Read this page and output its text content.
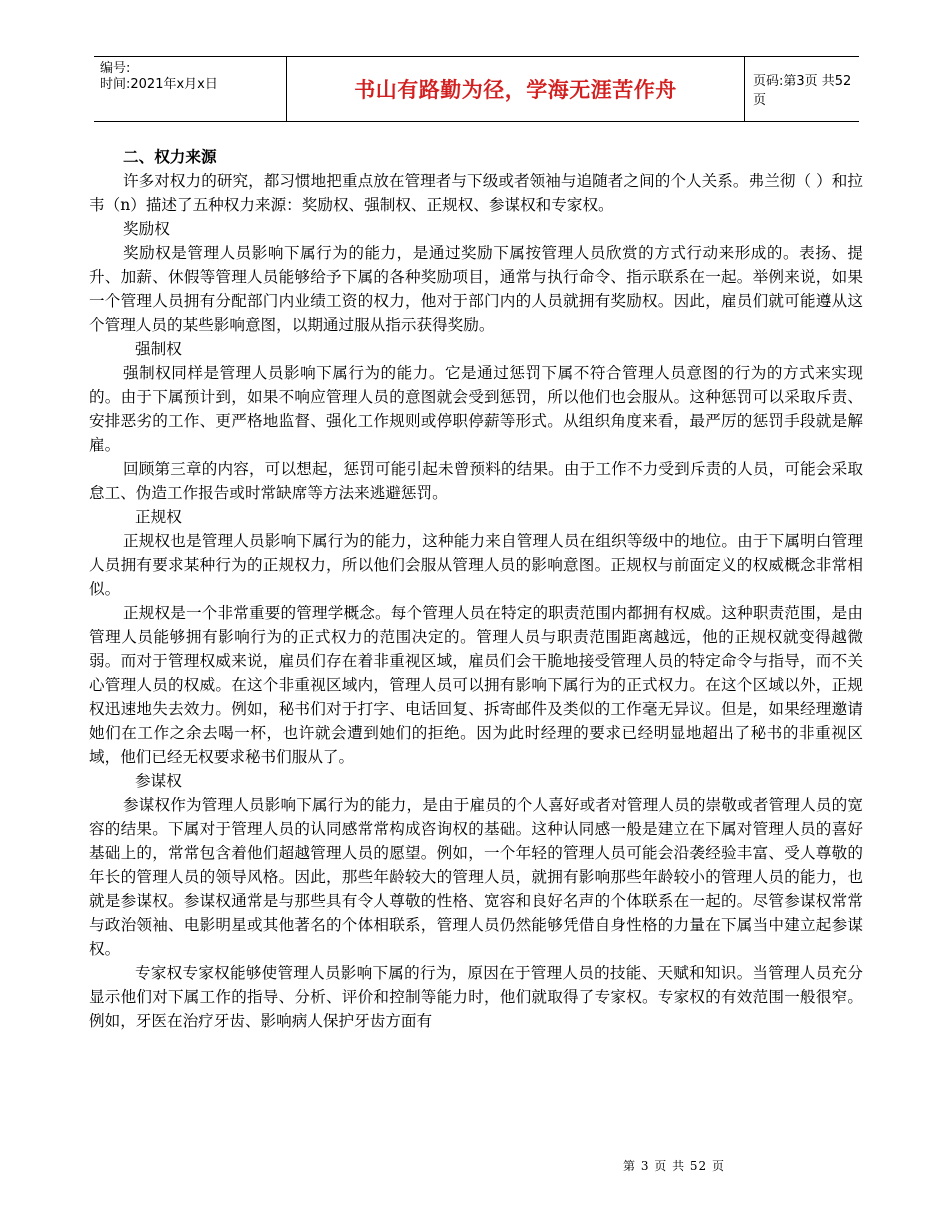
编号:
时间:2021年x月x日	书山有路勤为径，学海无涯苦作舟	页码:第3页 共52页

二、权力来源

许多对权力的研究，都习惯地把重点放在管理者与下级或者领袖与追随者之间的个人关系。弗兰彻（ ）和拉韦（n）描述了五种权力来源：奖励权、强制权、正规权、参谋权和专家权。

奖励权

奖励权是管理人员影响下属行为的能力，是通过奖励下属按管理人员欣赏的方式行动来形成的。表扬、提升、加薪、休假等管理人员能够给予下属的各种奖励项目，通常与执行命令、指示联系在一起。举例来说，如果一个管理人员拥有分配部门内业绩工资的权力，他对于部门内的人员就拥有奖励权。因此，雇员们就可能遵从这个管理人员的某些影响意图，以期通过服从指示获得奖励。

强制权

强制权同样是管理人员影响下属行为的能力。它是通过惩罚下属不符合管理人员意图的行为的方式来实现的。由于下属预计到，如果不响应管理人员的意图就会受到惩罚，所以他们也会服从。这种惩罚可以采取斥责、安排恶劣的工作、更严格地监督、强化工作规则或停职停薪等形式。从组织角度来看，最严厉的惩罚手段就是解雇。

回顾第三章的内容，可以想起，惩罚可能引起未曾预料的结果。由于工作不力受到斥责的人员，可能会采取怠工、伪造工作报告或时常缺席等方法来逃避惩罚。

正规权

正规权也是管理人员影响下属行为的能力，这种能力来自管理人员在组织等级中的地位。由于下属明白管理人员拥有要求某种行为的正规权力，所以他们会服从管理人员的影响意图。正规权与前面定义的权威概念非常相似。

正规权是一个非常重要的管理学概念。每个管理人员在特定的职责范围内都拥有权威。这种职责范围，是由管理人员能够拥有影响行为的正式权力的范围决定的。管理人员与职责范围距离越远，他的正规权就变得越微弱。而对于管理权威来说，雇员们存在着非重视区域，雇员们会干脆地接受管理人员的特定命令与指导，而不关心管理人员的权威。在这个非重视区域内，管理人员可以拥有影响下属行为的正式权力。在这个区域以外，正规权迅速地失去效力。例如，秘书们对于打字、电话回复、拆寄邮件及类似的工作毫无异议。但是，如果经理邀请她们在工作之余去喝一杯，也许就会遭到她们的拒绝。因为此时经理的要求已经明显地超出了秘书的非重视区域，他们已经无权要求秘书们服从了。

参谋权

参谋权作为管理人员影响下属行为的能力，是由于雇员的个人喜好或者对管理人员的崇敬或者管理人员的宽容的结果。下属对于管理人员的认同感常常构成咨询权的基础。这种认同感一般是建立在下属对管理人员的喜好基础上的，常常包含着他们超越管理人员的愿望。例如，一个年轻的管理人员可能会沿袭经验丰富、受人尊敬的年长的管理人员的领导风格。因此，那些年龄较大的管理人员，就拥有影响那些年龄较小的管理人员的能力，也就是参谋权。参谋权通常是与那些具有令人尊敬的性格、宽容和良好名声的个体联系在一起的。尽管参谋权常常与政治领袖、电影明星或其他著名的个体相联系，管理人员仍然能够凭借自身性格的力量在下属当中建立起参谋权。

专家权专家权能够使管理人员影响下属的行为，原因在于管理人员的技能、天赋和知识。当管理人员充分显示他们对下属工作的指导、分析、评价和控制等能力时，他们就取得了专家权。专家权的有效范围一般很窄。例如，牙医在治疗牙齿、影响病人保护牙齿方面有

第 3 页 共 52 页
